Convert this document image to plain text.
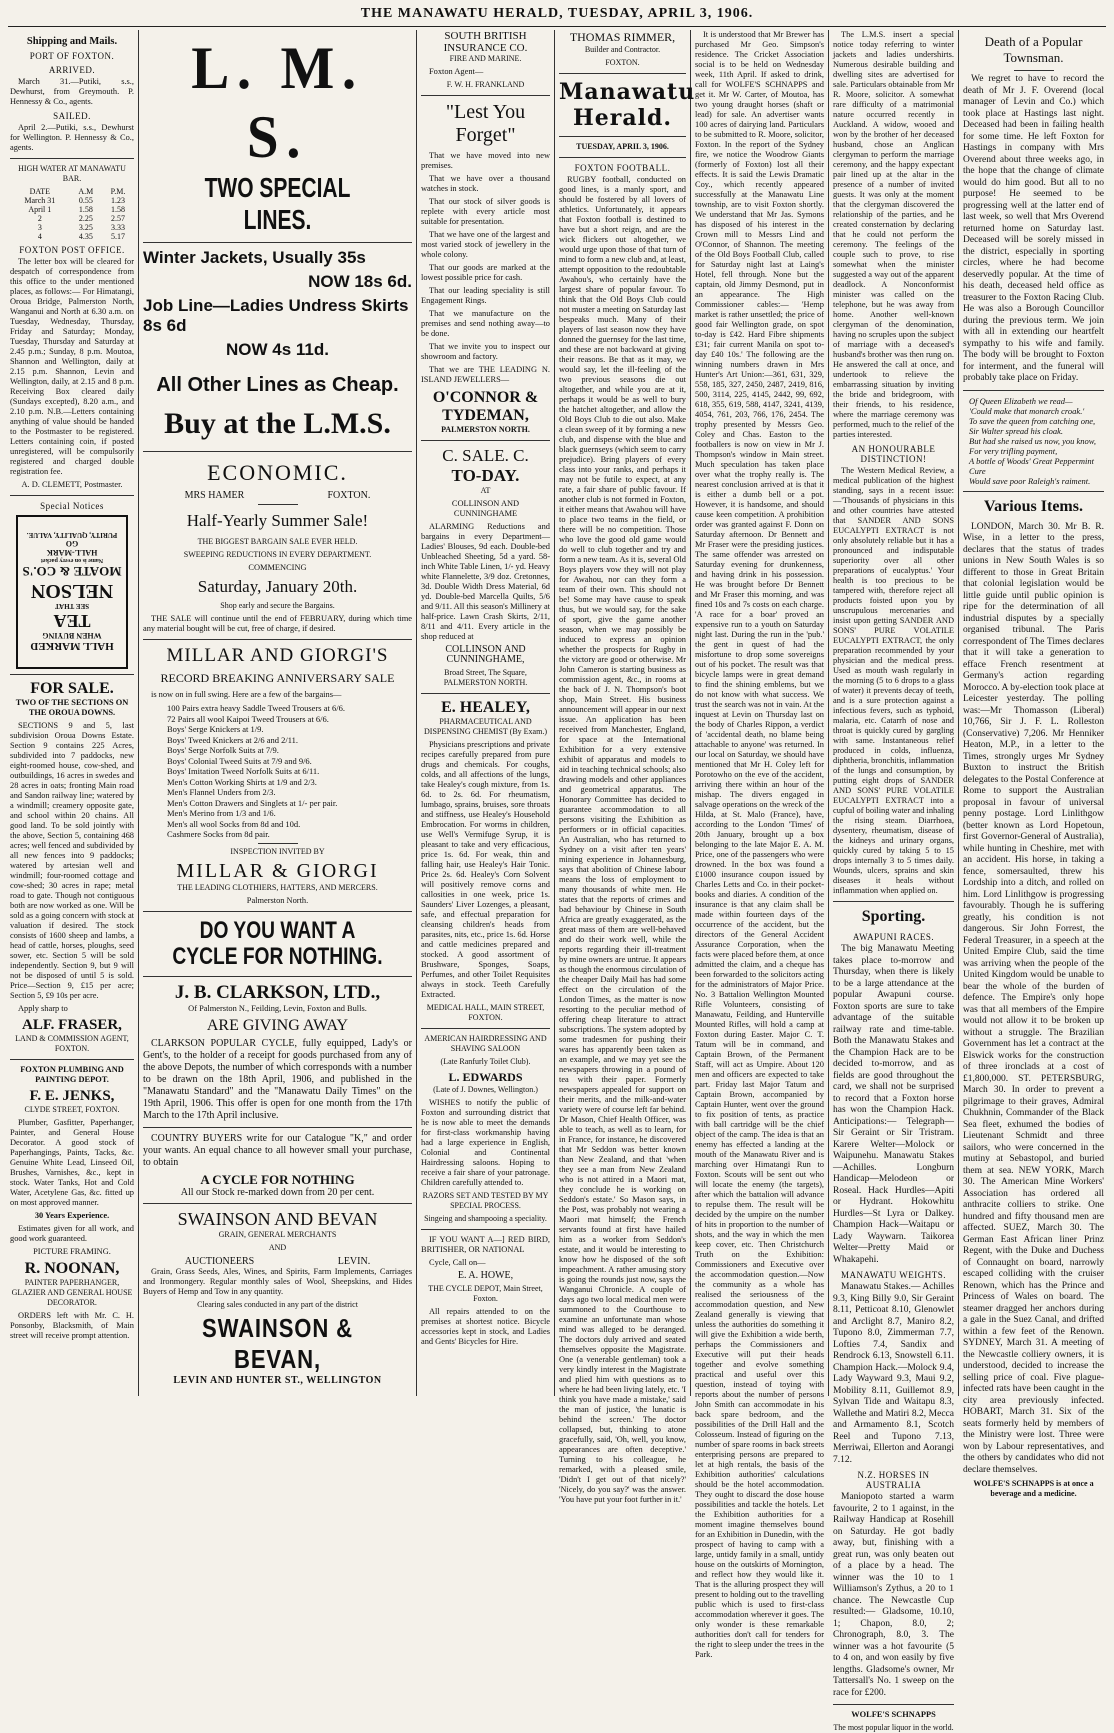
THE MANAWATU HERALD, TUESDAY, APRIL 3, 1906.
Shipping and Mails.
PORT OF FOXTON.
ARRIVED.

March 31.—Putiki, s.s., Dewhurst, from Greymouth. P. Hennessy & Co., agents.

SAILED.

April 2.—Putiki, s.s., Dewhurst for Wellington. P. Hennessy & Co., agents.

HIGH WATER AT MANAWATU BAR.

DATE	A.M	P.M.
March 31	0.55	1.23
April 1	1.58	1.58
2	2.25	2.57
3	3.25	3.33
4	4.35	5.17
FOXTON POST OFFICE.

The letter box will be cleared for despatch of correspondence from this office to the under mentioned places, as follows:— For Himatangi, Oroua Bridge, Palmerston North, Wanganui and North at 6.30 a.m. on Tuesday, Wednesday, Thursday, Friday and Saturday; Monday, Tuesday, Thursday and Saturday at 2.45 p.m.; Sunday, 8 p.m. Moutoa, Shannon and Wellington, daily at 2.15 p.m. Shannon, Levin and Wellington, daily, at 2.15 and 8 p.m. Receiving Box cleared daily (Sundays excepted), 8.20 a.m., and 2.10 p.m. N.B.—Letters containing anything of value should be handed to the Postmaster to be registered. Letters containing coin, if posted unregistered, will be compulsorily registered and charged double registration fee.

A. D. CLEMETT, Postmaster.

Special Notices
HALL MARKED
WHEN BUYING
TEA
SEE THAT
NELSON
MOATE & CO.'S
Name is on every packet
HALL-MARK
GO
PURITY, QUALITY, VALUE.
FOR SALE.

TWO OF THE SECTIONS ON THE OROUA DOWNS.

SECTIONS 9 and 5, last subdivision Oroua Downs Estate. Section 9 contains 225 Acres, subdivided into 7 paddocks, new eight-roomed house, cow-shed, and outbuildings, 16 acres in swedes and 28 acres in oats; fronting Main road and Sandon railway line; watered by a windmill; creamery opposite gate, and school within 20 chains. All good land. To be sold jointly with the above, Section 5, containing 468 acres; well fenced and subdivided by all new fences into 9 paddocks; watered by artesian well and windmill; four-roomed cottage and cow-shed; 30 acres in rape; metal road to gate. Though not contiguous both are now worked as one. Will be sold as a going concern with stock at valuation if desired. The stock consists of 1600 sheep and lambs, a head of cattle, horses, ploughs, seed sower, etc. Section 5 will be sold independently. Section 9, but 9 will not be disposed of until 5 is sold. Price—Section 9, £15 per acre; Section 5, £9 10s per acre.

Apply sharp to

ALF. FRASER,

LAND & COMMISSION AGENT, FOXTON.

FOXTON PLUMBING AND PAINTING DEPOT.

F. E. JENKS,

CLYDE STREET, FOXTON.

Plumber, Gasfitter, Paperhanger, Painter, and General House Decorator. A good stock of Paperhangings, Paints, Tacks, &c. Genuine White Lead, Linseed Oil, Brushes, Varnishes, &c., kept in stock. Water Tanks, Hot and Cold Water, Acetylene Gas, &c. fitted up on most approved manner.

30 Years Experience.

Estimates given for all work, and good work guaranteed.

PICTURE FRAMING.

R. NOONAN,

PAINTER PAPERHANGER, GLAZIER AND GENERAL HOUSE DECORATOR.

ORDERS left with Mr. C. H. Ponsonby, Blacksmith, of Main street will receive prompt attention.

L. M. S.
TWO SPECIAL LINES.
Winter Jackets, Usually 35s
NOW 18s 6d.
Job Line—Ladies Undress Skirts 8s 6d
NOW 4s 11d.
All Other Lines as Cheap.
Buy at the L.M.S.
ECONOMIC.
MRS HAMER	FOXTON.
Half-Yearly Summer Sale!

THE BIGGEST BARGAIN SALE EVER HELD.

SWEEPING REDUCTIONS IN EVERY DEPARTMENT.

COMMENCING

Saturday, January 20th.

Shop early and secure the Bargains.

THE SALE will continue until the end of FEBRUARY, during which time any material bought will be cut, free of charge, if desired.

MILLAR AND GIORGI'S
RECORD BREAKING ANNIVERSARY SALE

is now on in full swing. Here are a few of the bargains—

100 Pairs extra heavy Saddle Tweed Trousers at 6/6.
72 Pairs all wool Kaipoi Tweed Trousers at 6/6.
Boys' Serge Knickers at 1/9.
Boys' Tweed Knickers at 2/6 and 2/11.
Boys' Serge Norfolk Suits at 7/9.
Boys' Colonial Tweed Suits at 7/9 and 9/6.
Boys' Imitation Tweed Norfolk Suits at 6/11.
Men's Cotton Working Shirts at 1/9 and 2/3.
Men's Flannel Unders from 2/3.
Men's Cotton Drawers and Singlets at 1/- per pair.
Men's Merino from 1/3 and 1/6.
Men's all wool Socks from 8d and 10d.
Cashmere Socks from 8d pair.

INSPECTION INVITED BY

MILLAR & GIORGI

THE LEADING CLOTHIERS, HATTERS, AND MERCERS.

Palmerston North.

DO YOU WANT A CYCLE FOR NOTHING.
J. B. CLARKSON, LTD.,

Of Palmerston N., Feilding, Levin, Foxton and Bulls.

ARE GIVING AWAY

CLARKSON POPULAR CYCLE, fully equipped, Lady's or Gent's, to the holder of a receipt for goods purchased from any of the above Depots, the number of which corresponds with a number to be drawn on the 18th April, 1906, and published in the "Manawatu Standard" and the "Manawatu Daily Times" on the 19th April, 1906. This offer is open for one month from the 17th March to the 17th April inclusive.

COUNTRY BUYERS write for our Catalogue "K," and order your wants. An equal chance to all however small your purchase, to obtain

A CYCLE FOR NOTHING

All our Stock re-marked down from 20 per cent.

SWAINSON AND BEVAN

GRAIN, GENERAL MERCHANTS

AND

AUCTIONEERS	LEVIN.

Grain, Grass Seeds, Ales, Wines, and Spirits, Farm Implements, Carriages and Ironmongery. Regular monthly sales of Wool, Sheepskins, and Hides Buyers of Hemp and Tow in any quantity.

Clearing sales conducted in any part of the district

SWAINSON & BEVAN,
LEVIN AND HUNTER ST., WELLINGTON
SOUTH BRITISH INSURANCE CO.

FIRE AND MARINE.

Foxton Agent—

F. W. H. FRANKLAND

"Lest You Forget"

That we have moved into new premises.

That we have over a thousand watches in stock.

That our stock of silver goods is replete with every article most suitable for presentation.

That we have one of the largest and most varied stock of jewellery in the whole colony.

That our goods are marked at the lowest possible price for cash.

That our leading speciality is still Engagement Rings.

That we manufacture on the premises and send nothing away—to be done.

That we invite you to inspect our showroom and factory.

That we are THE LEADING N. ISLAND JEWELLERS—

O'CONNOR & TYDEMAN,

PALMERSTON NORTH.

C. SALE. C.
TO-DAY.

AT

COLLINSON AND CUNNINGHAME

ALARMING Reductions and bargains in every Department— Ladies' Blouses, 9d each. Double-bed Unbleached Sheeting, 5d a yard. 58-inch White Table Linen, 1/- yd. Heavy white Flannelette, 3/9 doz. Cretonnes, 3d. Double Width Dress Material, 6d yd. Double-bed Marcella Quilts, 5/6 and 9/11. All this season's Millinery at half-price. Lawn Crash Skirts, 2/11, 8/11 and 4/11. Every article in the shop reduced at

COLLINSON AND CUNNINGHAME,

Broad Street, The Square, PALMERSTON NORTH.

E. HEALEY,

PHARMACEUTICAL AND DISPENSING CHEMIST (By Exam.)

Physicians prescriptions and private recipes carefully prepared from pure drugs and chemicals. For coughs, colds, and all affections of the lungs, take Healey's cough mixture, from 1s. 6d. to 2s. 6d. For rheumatism, lumbago, sprains, bruises, sore throats and stiffness, use Healey's Household Embrocation. For worms in children, use Well's Vermifuge Syrup, it is pleasant to take and very efficacious, price 1s. 6d. For weak, thin and falling hair, use Healey's Hair Tonic. Price 2s. 6d. Healey's Corn Solvent will positively remove corns and callosities in one week, price 1s. Saunders' Liver Lozenges, a pleasant, safe, and effectual preparation for cleansing children's heads from parasites, nits, etc., price 1s. 6d. Horse and cattle medicines prepared and stocked. A good assortment of Brushware, Sponges, Soaps, Perfumes, and other Toilet Requisites always in stock. Teeth Carefully Extracted.

MEDICAL HALL, MAIN STREET, FOXTON.

AMERICAN HAIRDRESSING AND SHAVING SALOON

(Late Ranfurly Toilet Club).

L. EDWARDS

(Late of J. Downes, Wellington.)

WISHES to notify the public of Foxton and surrounding district that he is now able to meet the demands for first-class workmanship having had a large experience in English, Colonial and Continental Hairdressing saloons. Hoping to receive a fair share of your patronage. Children carefully attended to.

RAZORS SET AND TESTED BY MY SPECIAL PROCESS.

Singeing and shampooing a speciality.

IF YOU WANT A—] RED BIRD, BRITISHER, OR NATIONAL

Cycle, Call on—

E. A. HOWE,

THE CYCLE DEPOT, Main Street, Foxton.

All repairs attended to on the premises at shortest notice. Bicycle accessories kept in stock, and Ladies and Gents' Bicycles for Hire.

THOMAS RIMMER,

Builder and Contractor.

FOXTON.

Manawatu Herald.

TUESDAY, APRIL 3, 1906.

FOXTON FOOTBALL.

RUGBY football, conducted on good lines, is a manly sport, and should be fostered by all lovers of athletics. Unfortunately, it appears that Foxton football is destined to have but a short reign, and are the wick flickers out altogether, we would urge upon those of that turn of mind to form a new club and, at least, attempt opposition to the redoubtable Awahou's, who certainly have the largest share of popular favour. To think that the Old Boys Club could not muster a meeting on Saturday last bespeaks much. Many of their players of last season now they have donned the guernsey for the last time, and these are not backward at giving their reasons. Be that as it may, we would say, let the ill-feeling of the two previous seasons die out altogether, and while you are at it, perhaps it would be as well to bury the hatchet altogether, and allow the Old Boys Club to die out also. Make a clean sweep of it by forming a new club, and dispense with the blue and black guernseys (which seem to carry prejudice). Bring players of every class into your ranks, and perhaps it may not be futile to expect, at any rate, a fair share of public favour. If another club is not formed in Foxton, it either means that Awahou will have to place two teams in the field, or there will be no competition. Those who love the good old game would do well to club together and try and form a new team. As it is, several Old Boys players vow they will not play for Awahou, nor can they form a team of their own. This should not be! Some may have cause to speak thus, but we would say, for the sake of sport, give the game another season, when we may possibly be induced to express an opinion whether the prospects for Rugby in the victory are good or otherwise. Mr John Cameron is starting business as commission agent, &c., in rooms at the back of J. N. Thompson's boot shop, Main Street. His business announcement will appear in our next issue. An application has been received from Manchester, England, for space at the International Exhibition for a very extensive exhibit of apparatus and models to aid in teaching technical schools; also drawing models and other appliances and geometrical apparatus. The Honorary Committee has decided to guarantee accommodation to all persons visiting the Exhibition as performers or in official capacities. An Australian, who has returned to Sydney on a visit after ten years' mining experience in Johannesburg, says that abolition of Chinese labour means the loss of employment to many thousands of white men. He states that the reports of crimes and bad behaviour by Chinese in South Africa are greatly exaggerated, as the great mass of them are well-behaved and do their work well, while the reports regarding their ill-treatment by mine owners are untrue. It appears as though the enormous circulation of the cheaper Daily Mail has had some effect on the circulation of the London Times, as the matter is now resorting to the peculiar method of offering cheap literature to attract subscriptions. The system adopted by some tradesmen for pushing their wares has apparently been taken as an example, and we may yet see the newspapers throwing in a pound of tea with their paper. Formerly newspapers appealed for support on their merits, and the milk-and-water variety were of course left far behind. Dr Mason, Chief Health Officer, was able to teach, as well as to learn, for in France, for instance, he discovered that Mr Seddon was better known than New Zealand, and that 'when they see a man from New Zealand who is not attired in a Maori mat, they conclude he is working on Seddon's estate.' So Mason says, in the Post, was probably not wearing a Maori mat himself; the French servants found at first have hailed him as a worker from Seddon's estate, and it would be interesting to know how he disposed of the soft impeachment. A rather amusing story is going the rounds just now, says the Wanganui Chronicle. A couple of days ago two local medical men were summoned to the Courthouse to examine an unfortunate man whose mind was alleged to be deranged. The doctors duly arrived and seated themselves opposite the Magistrate. One (a venerable gentleman) took a very kindly interest in the Magistrate and plied him with questions as to where he had been living lately, etc. 'I think you have made a mistake,' said the man of justice, 'the lunatic is behind the screen.' The doctor collapsed, but, thinking to atone gracefully, said, 'Oh, well, you know, appearances are often deceptive.' Turning to his colleague, he remarked, with a pleased smile, 'Didn't I get out of that nicely?' 'Nicely, do you say?' was the answer. 'You have put your foot further in it.'

It is understood that Mr Brewer has purchased Mr Geo. Simpson's residence. The Cricket Association social is to be held on Wednesday week, 11th April. If asked to drink, call for WOLFE'S SCHNAPPS and get it. Mr W. Carter, of Moutoa, has two young draught horses (shaft or lead) for sale. An advertiser wants 100 acres of dairying land. Particulars to be submitted to R. Moore, solicitor, Foxton. In the report of the Sydney fire, we notice the Woodrow Giants (formerly of Foxton) lost all their effects. It is said the Lewis Dramatic Coy., which recently appeared successfully at the Manawatu Line township, are to visit Foxton shortly. We understand that Mr Jas. Symons has disposed of his interest in the Crown mill to Messrs Lind and O'Connor, of Shannon. The meeting of the Old Boys Football Club, called for Saturday night last at Laing's Hotel, fell through. None but the captain, old Jimmy Desmond, put in an appearance. The High Commissioner cables:— 'Hemp market is rather unsettled; the price of good fair Wellington grade, on spot to-day is £42. Hard Fibre shipments £31; fair current Manila on spot to-day £40 10s.' The following are the winning numbers drawn in Mrs Hunter's Art Union:—361, 631, 329, 558, 185, 327, 2450, 2487, 2419, 816, 500, 3114, 225, 4145, 2442, 99, 692, 618, 355, 619, 588, 4147, 3241, 4139, 4054, 761, 203, 766, 176, 2454. The trophy presented by Messrs Geo. Coley and Chas. Easton to the footballers is now on view in Mr J. Thompson's window in Main street. Much speculation has taken place over what the trophy really is. The nearest conclusion arrived at is that it is either a dumb bell or a pot. However, it is handsome, and should cause keen competition. A prohibition order was granted against F. Donn on Saturday afternoon. Dr Bennett and Mr Fraser were the presiding justices. The same offender was arrested on Saturday evening for drunkenness, and having drink in his possession. He was brought before Dr Bennett and Mr Fraser this morning, and was fined 10s and 7s costs on each charge. 'A race for a boar' proved an expensive run to a youth on Saturday night last. During the run in the 'pub.' the gent in quest of had the misfortune to drop some sovereigns out of his pocket. The result was that bicycle lamps were in great demand to find the shining emblems, but we do not know with what success. We trust the search was not in vain. At the inquest at Levin on Thursday last on the body of Charles Rippon, a verdict of 'accidental death, no blame being attachable to anyone' was returned. In our local on Saturday, we should have mentioned that Mr H. Coley left for Porotowho on the eve of the accident, arriving there within an hour of the mishap. The divers engaged in salvage operations on the wreck of the Hilda, at St. Malo (France), have, according to the London 'Times' of 20th January, brought up a box belonging to the late Major E. A. M. Price, one of the passengers who were drowned. In the box was found a £1000 insurance coupon issued by Charles Letts and Co. in their pocket-books and diaries. A condition of the insurance is that any claim shall be made within fourteen days of the occurrence of the accident, but the directors of the General Accident Assurance Corporation, when the facts were placed before them, at once admitted the claim, and a cheque has been forwarded to the solicitors acting for the administrators of Major Price. No. 3 Battalion Wellington Mounted Rifle Volunteers, consisting of Manawatu, Feilding, and Hunterville Mounted Rifles, will hold a camp at Foxton during Easter. Major C. T. Tatum will be in command, and Captain Brown, of the Permanent Staff, will act as Umpire. About 120 men and officers are expected to take part. Friday last Major Tatum and Captain Brown, accompanied by Captain Hunter, went over the ground to fix position of tents, as practice with ball cartridge will be the chief object of the camp. The idea is that an enemy has effected a landing at the mouth of the Manawatu River and is marching over Himatangi Run to Foxton. Scouts will be sent out who will locate the enemy (the targets), after which the battalion will advance to repulse them. The result will be decided by the umpire on the number of hits in proportion to the number of shots, and the way in which the men keep cover, etc. Then Christchurch Truth on the Exhibition: Commissioners and Executive over the accommodation question.—Now the community as a whole has realised the seriousness of the accommodation question, and New Zealand generally is viewing that unless the authorities do something it will give the Exhibition a wide berth, perhaps the Commissioners and Executive will put their heads together and evolve something practical and useful over this question, instead of toying with reports about the number of persons John Smith can accommodate in his back spare bedroom, and the possibilities of the Drill Hall and the Colosseum. Instead of figuring on the number of spare rooms in back streets enterprising persons are prepared to let at high rentals, the basis of the Exhibition authorities' calculations should be the hotel accommodation. They ought to discard the dose house possibilities and tackle the hotels. Let the Exhibition authorities for a moment imagine themselves bound for an Exhibition in Dunedin, with the prospect of having to camp with a large, untidy family in a small, untidy house on the outskirts of Mornington, and reflect how they would like it. That is the alluring prospect they will present to holding out to the travelling public which is used to first-class accommodation wherever it goes. The only wonder is these remarkable authorities don't call for tenders for the right to sleep under the trees in the Park.

The L.M.S. insert a special notice today referring to winter jackets and ladies undershirts. Numerous desirable building and dwelling sites are advertised for sale. Particulars obtainable from Mr R. Moore, solicitor. A somewhat rare difficulty of a matrimonial nature occurred recently in Auckland. A widow, wooed and won by the brother of her deceased husband, chose an Anglican clergyman to perform the marriage ceremony, and the happy expectant pair lined up at the altar in the presence of a number of invited guests. It was only at the moment that the clergyman discovered the relationship of the parties, and he created consternation by declaring that he could not perform the ceremony. The feelings of the couple such to prove, to rise somewhat when the minister suggested a way out of the apparent deadlock. A Nonconformist minister was called on the telephone, but he was away from home. Another well-known clergyman of the denomination, having no scruples upon the subject of marriage with a deceased's husband's brother was then rung on. He answered the call at once, and undertook to relieve the embarrassing situation by inviting the bride and bridegroom, with their friends, to his residence, where the marriage ceremony was performed, much to the relief of the parties interested.

AN HONOURABLE DISTINCTION!

The Western Medical Review, a medical publication of the highest standing, says in a recent issue:—'Thousands of physicians in this and other countries have attested that SANDER AND SONS EUCALYPTI EXTRACT is not only absolutely reliable but it has a pronounced and indisputable superiority over all other preparations of eucalyptus.' Your health is too precious to be tampered with, therefore reject all products foisted upon you by unscrupulous mercenaries and insist upon getting SANDER AND SONS' PURE VOLATILE EUCALYPTI EXTRACT, the only preparation recommended by your physician and the medical press. Used as mouth wash regularly in the morning (5 to 6 drops to a glass of water) it prevents decay of teeth, and is a sure protection against a infectious fevers, such as typhoid, malaria, etc. Catarrh of nose and throat is quickly cured by gargling with same. Instantaneous relief produced in colds, influenza, diphtheria, bronchitis, inflammation of the lungs and consumption, by putting eight drops of SANDER AND SONS' PURE VOLATILE EUCALYPTI EXTRACT into a cupful of boiling water and inhaling the rising steam. Diarrhoea, dysentery, rheumatism, disease of the kidneys and urinary organs, quickly cured by taking 5 to 15 drops internally 3 to 5 times daily. Wounds, ulcers, sprains and skin diseases it heals without inflammation when applied on.

Sporting.
AWAPUNI RACES.

The big Manawatu Meeting takes place to-morrow and Thursday, when there is likely to be a large attendance at the popular Awapuni course. Foxton sports are sure to take advantage of the suitable railway rate and time-table. Both the Manawatu Stakes and the Champion Hack are to be decided to-morrow, and as fields are good throughout the card, we shall not be surprised to record that a Foxton horse has won the Champion Hack. Anticipations:— Telegraph—Sir Geraint or Sir Tristram. Karere Welter—Molock or Waipunehu. Manawatu Stakes—Achilles. Longburn Handicap—Melodeon or Roseal. Hack Hurdles—Apiti or Hydrant. Hokowhitu Hurdles—St Lyra or Dalkey. Champion Hack—Waitapu or Lady Waywarn. Taikorea Welter—Pretty Maid or Whakapehi.

MANAWATU WEIGHTS.

Manawatu Stakes.— Achilles 9.3, King Billy 9.0, Sir Geraint 8.11, Petticoat 8.10, Glenowlet and Arclight 8.7, Maniro 8.2, Tupono 8.0, Zimmerman 7.7, Lofties 7.4, Sandix and Rendrock 6.13, Snowstell 6.11. Champion Hack.—Molock 9.4, Lady Wayward 9.3, Maui 9.2, Mobility 8.11, Guillemot 8.9, Sylvan Tide and Waitapu 8.3, Wallethe and Matiri 8.2, Mecca and Armamento 8.1, Scotch Reel and Tupono 7.13, Merriwai, Ellerton and Aorangi 7.12.

N.Z. HORSES IN AUSTRALIA

Maniopoto started a warm favourite, 2 to 1 against, in the Railway Handicap at Rosehill on Saturday. He got badly away, but, finishing with a great run, was only beaten out of a place by a head. The winner was the 10 to 1 Williamson's Zythus, a 20 to 1 chance. The Newcastle Cup resulted:— Gladsome, 10.10, 1; Chapon, 8.0, 2; Chronograph, 8.0, 3. The winner was a hot favourite (5 to 4 on, and won easily by five lengths. Gladsome's owner, Mr Tattersall's No. 1 sweep on the race for £200.

WOLFE'S SCHNAPPS

The most popular liquor in the world.

Death of a Popular Townsman.

We regret to have to record the death of Mr J. F. Overend (local manager of Levin and Co.) which took place at Hastings last night. Deceased had been in failing health for some time. He left Foxton for Hastings in company with Mrs Overend about three weeks ago, in the hope that the change of climate would do him good. But all to no purpose! He seemed to be progressing well at the latter end of last week, so well that Mrs Overend returned home on Saturday last. Deceased will be sorely missed in the district, especially in sporting circles, where he had become deservedly popular. At the time of his death, deceased held office as treasurer to the Foxton Racing Club. He was also a Borough Councillor during the previous term. We join with all in extending our heartfelt sympathy to his wife and family. The body will be brought to Foxton for interment, and the funeral will probably take place on Friday.

Of Queen Elizabeth we read—
'Could make that monarch croak.'
To save the queen from catching one,
Sir Walter spread his cloak.
But had she raised us now, you know,
For very trifling payment,
A bottle of Woods' Great Peppermint Cure
Would save poor Raleigh's raiment.
Various Items.

LONDON, March 30. Mr B. R. Wise, in a letter to the press, declares that the status of trades unions in New South Wales is so different to those in Great Britain that colonial legislation would be little guide until public opinion is ripe for the determination of all industrial disputes by a specially organised tribunal. The Paris correspondent of The Times declares that it will take a generation to efface French resentment at Germany's action regarding Morocco. A by-election took place at Leicester yesterday. The polling was:—Mr Thomasson (Liberal) 10,766, Sir J. F. L. Rolleston (Conservative) 7,206. Mr Henniker Heaton, M.P., in a letter to the Times, strongly urges Mr Sydney Buxton to instruct the British delegates to the Postal Conference at Rome to support the Australian proposal in favour of universal penny postage. Lord Linlithgow (better known as Lord Hopetoun, first Governor-General of Australia), while hunting in Cheshire, met with an accident. His horse, in taking a fence, somersaulted, threw his Lordship into a ditch, and rolled on him. Lord Linlithgow is progressing favourably. Though he is suffering greatly, his condition is not dangerous. Sir John Forrest, the Federal Treasurer, in a speech at the United Empire Club, said the time was arriving when the people of the United Kingdom would be unable to bear the whole of the burden of defence. The Empire's only hope was that all members of the Empire would not allow it to be broken up without a struggle. The Brazilian Government has let a contract at the Elswick works for the construction of three ironclads at a cost of £1,800,000. ST. PETERSBURG, March 30. In order to prevent a pilgrimage to their graves, Admiral Chukhnin, Commander of the Black Sea fleet, exhumed the bodies of Lieutenant Schmidt and three sailors, who were concerned in the mutiny at Sebastopol, and buried them at sea. NEW YORK, March 30. The American Mine Workers' Association has ordered all anthracite colliers to strike. One hundred and fifty thousand men are affected. SUEZ, March 30. The German East African liner Prinz Regent, with the Duke and Duchess of Connaught on board, narrowly escaped colliding with the cruiser Renown, which has the Prince and Princess of Wales on board. The steamer dragged her anchors during a gale in the Suez Canal, and drifted within a few feet of the Renown. SYDNEY, March 31. A meeting of the Newcastle colliery owners, it is understood, decided to increase the selling price of coal. Five plague-infected rats have been caught in the city area previously infected. HOBART, March 31. Six of the seats formerly held by members of the Ministry were lost. Three were won by Labour representatives, and the others by candidates who did not declare themselves.

WOLFE'S SCHNAPPS is at once a beverage and a medicine.
